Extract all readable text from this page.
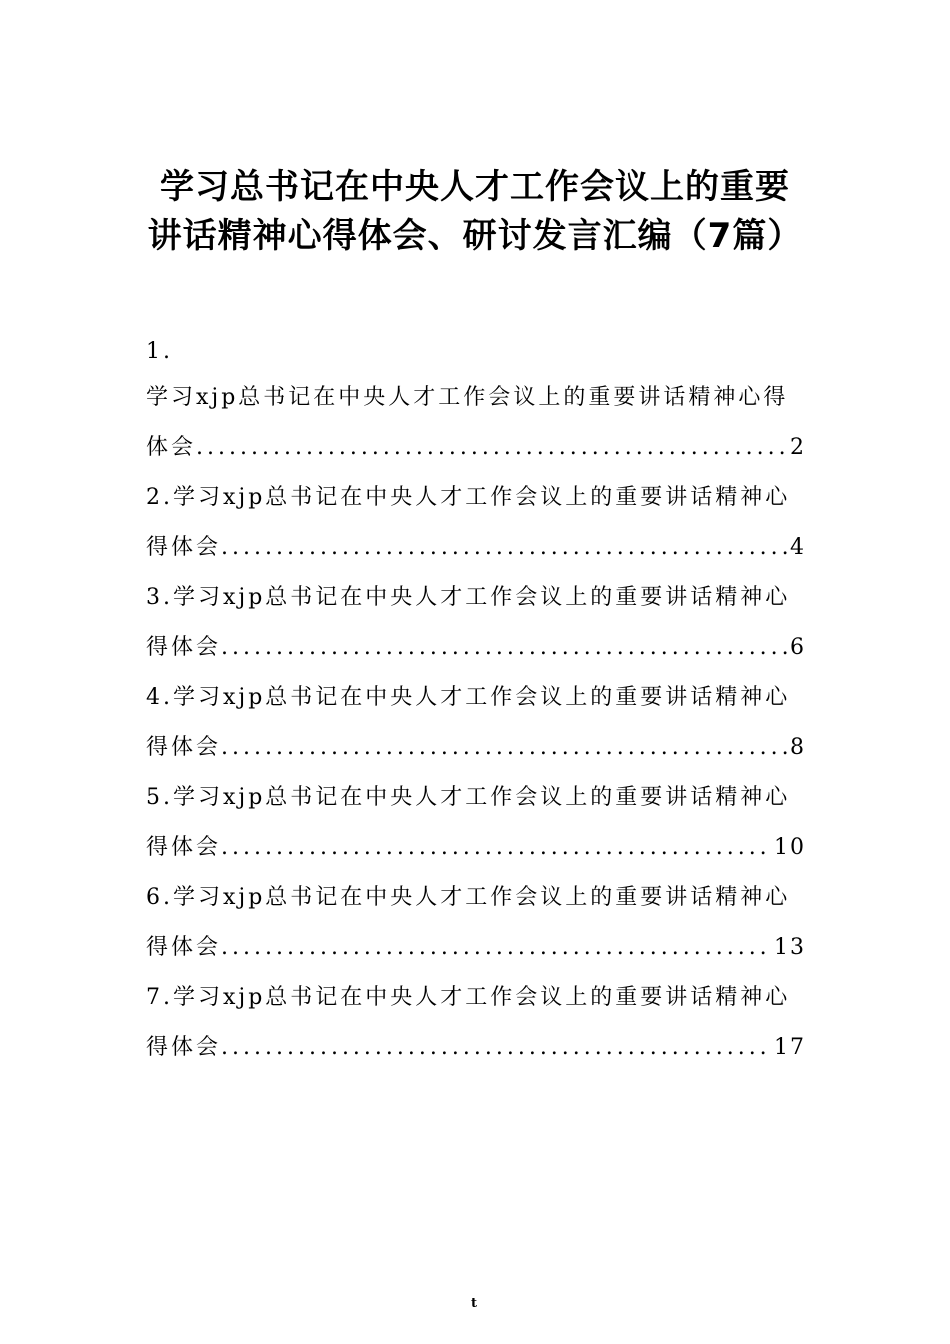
学习总书记在中央人才工作会议上的重要
讲话精神心得体会、研讨发言汇编（7篇）
1.
学习xjp总书记在中央人才工作会议上的重要讲话精神心得
体会 .....	2
2.学习xjp总书记在中央人才工作会议上的重要讲话精神心
得体会 .....	4
3.学习xjp总书记在中央人才工作会议上的重要讲话精神心
得体会 .....	6
4.学习xjp总书记在中央人才工作会议上的重要讲话精神心
得体会 .....	8
5.学习xjp总书记在中央人才工作会议上的重要讲话精神心
得体会 .....	10
6.学习xjp总书记在中央人才工作会议上的重要讲话精神心
得体会 .....	13
7.学习xjp总书记在中央人才工作会议上的重要讲话精神心
得体会 .....	17
t
